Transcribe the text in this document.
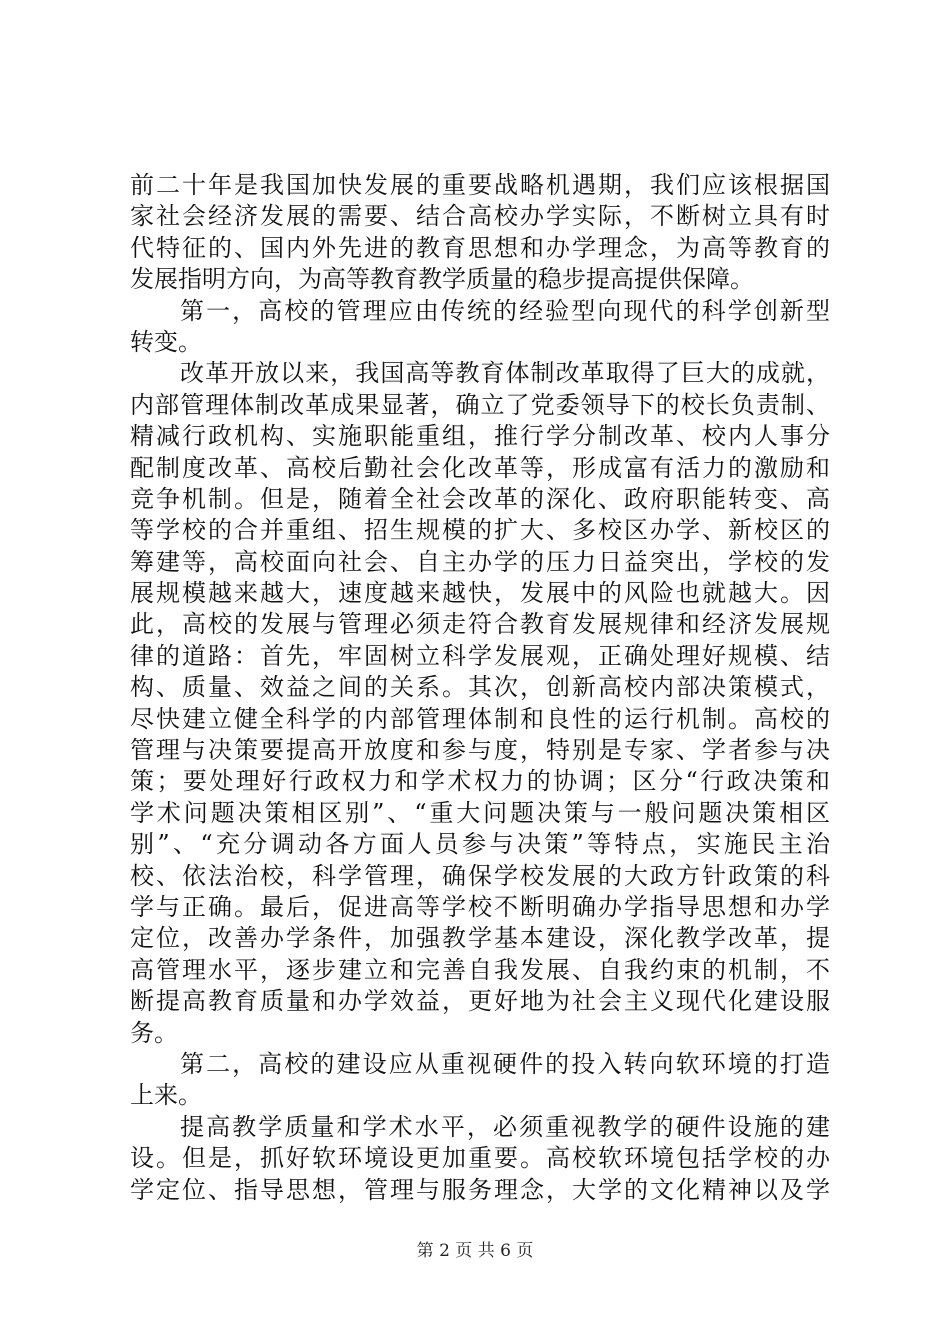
前二十年是我国加快发展的重要战略机遇期，我们应该根据国
家社会经济发展的需要、结合高校办学实际，不断树立具有时
代特征的、国内外先进的教育思想和办学理念，为高等教育的
发展指明方向，为高等教育教学质量的稳步提高提供保障。
第一，高校的管理应由传统的经验型向现代的科学创新型
转变。
改革开放以来，我国高等教育体制改革取得了巨大的成就，
内部管理体制改革成果显著，确立了党委领导下的校长负责制、
精减行政机构、实施职能重组，推行学分制改革、校内人事分
配制度改革、高校后勤社会化改革等，形成富有活力的激励和
竞争机制。但是，随着全社会改革的深化、政府职能转变、高
等学校的合并重组、招生规模的扩大、多校区办学、新校区的
筹建等，高校面向社会、自主办学的压力日益突出，学校的发
展规模越来越大，速度越来越快，发展中的风险也就越大。因
此，高校的发展与管理必须走符合教育发展规律和经济发展规
律的道路：首先，牢固树立科学发展观，正确处理好规模、结
构、质量、效益之间的关系。其次，创新高校内部决策模式，
尽快建立健全科学的内部管理体制和良性的运行机制。高校的
管理与决策要提高开放度和参与度，特别是专家、学者参与决
策；要处理好行政权力和学术权力的协调；区分“行政决策和
学术问题决策相区别”、“重大问题决策与一般问题决策相区
别”、“充分调动各方面人员参与决策”等特点，实施民主治
校、依法治校，科学管理，确保学校发展的大政方针政策的科
学与正确。最后，促进高等学校不断明确办学指导思想和办学
定位，改善办学条件，加强教学基本建设，深化教学改革，提
高管理水平，逐步建立和完善自我发展、自我约束的机制，不
断提高教育质量和办学效益，更好地为社会主义现代化建设服
务。
第二，高校的建设应从重视硬件的投入转向软环境的打造
上来。
提高教学质量和学术水平，必须重视教学的硬件设施的建
设。但是，抓好软环境设更加重要。高校软环境包括学校的办
学定位、指导思想，管理与服务理念，大学的文化精神以及学
第 2 页 共 6 页
